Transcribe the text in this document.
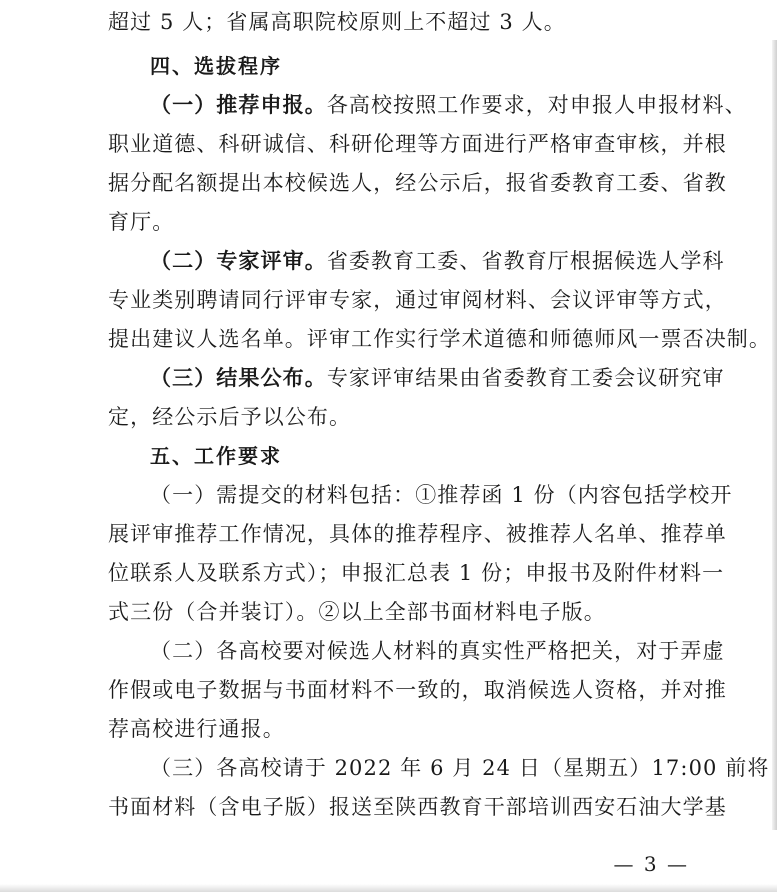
超过 5 人；省属高职院校原则上不超过 3 人。
四、选拔程序
（一）推荐申报。各高校按照工作要求，对申报人申报材料、
职业道德、科研诚信、科研伦理等方面进行严格审查审核，并根
据分配名额提出本校候选人，经公示后，报省委教育工委、省教
育厅。
（二）专家评审。省委教育工委、省教育厅根据候选人学科
专业类别聘请同行评审专家，通过审阅材料、会议评审等方式，
提出建议人选名单。评审工作实行学术道德和师德师风一票否决制。
（三）结果公布。专家评审结果由省委教育工委会议研究审
定，经公示后予以公布。
五、工作要求
（一）需提交的材料包括：①推荐函 1 份（内容包括学校开
展评审推荐工作情况，具体的推荐程序、被推荐人名单、推荐单
位联系人及联系方式）；申报汇总表 1 份；申报书及附件材料一
式三份（合并装订）。②以上全部书面材料电子版。
（二）各高校要对候选人材料的真实性严格把关，对于弄虚
作假或电子数据与书面材料不一致的，取消候选人资格，并对推
荐高校进行通报。
（三）各高校请于 2022 年 6 月 24 日（星期五）17:00 前将
书面材料（含电子版）报送至陕西教育干部培训西安石油大学基
— 3 —
